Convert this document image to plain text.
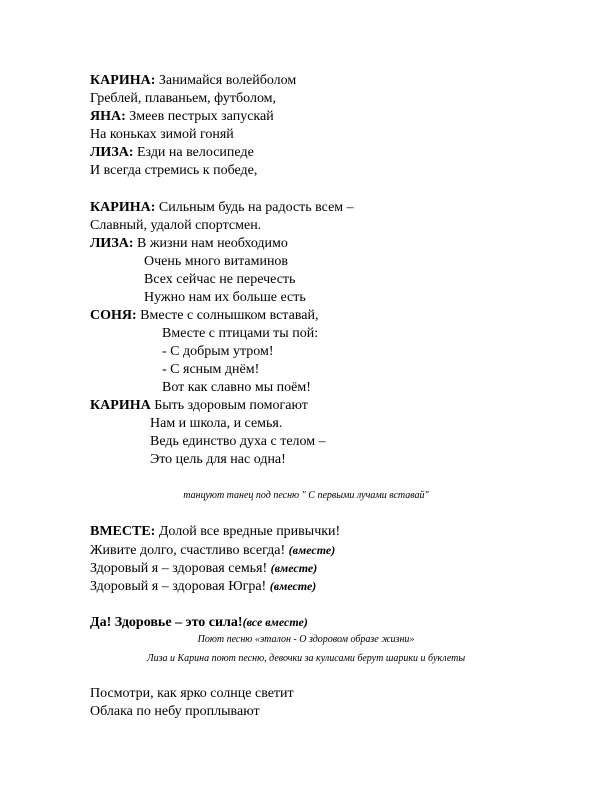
КАРИНА: Занимайся волейболом
Греблей, плаваньем, футболом,
ЯНА: Змеев пестрых запускай
На коньках зимой гоняй
ЛИЗА: Езди на велосипеде
И всегда стремись к победе,
КАРИНА: Сильным будь на радость всем –
Славный, удалой спортсмен.
ЛИЗА: В жизни нам необходимо
Очень много витаминов
Всех сейчас не перечесть
Нужно нам их больше есть
СОНЯ: Вместе с солнышком вставай,
Вместе с птицами ты пой:
- С добрым утром!
- С ясным днём!
Вот как славно мы поём!
КАРИНА Быть здоровым помогают
Нам и школа, и семья.
Ведь единство духа с телом –
Это цель для нас одна!
танцуют танец под песню " С первыми лучами вставай"
ВМЕСТЕ: Долой все вредные привычки!
Живите долго, счастливо всегда! (вместе)
Здоровый я – здоровая семья! (вместе)
Здоровый я – здоровая Югра! (вместе)
Да! Здоровье – это сила!(все вместе)
Поют песню «эталон - О здоровом образе жизни»
Лиза и Карина поют песню, девочки за кулисами берут шарики и буклеты
Посмотри, как ярко солнце светит
Облака по небу проплывают
